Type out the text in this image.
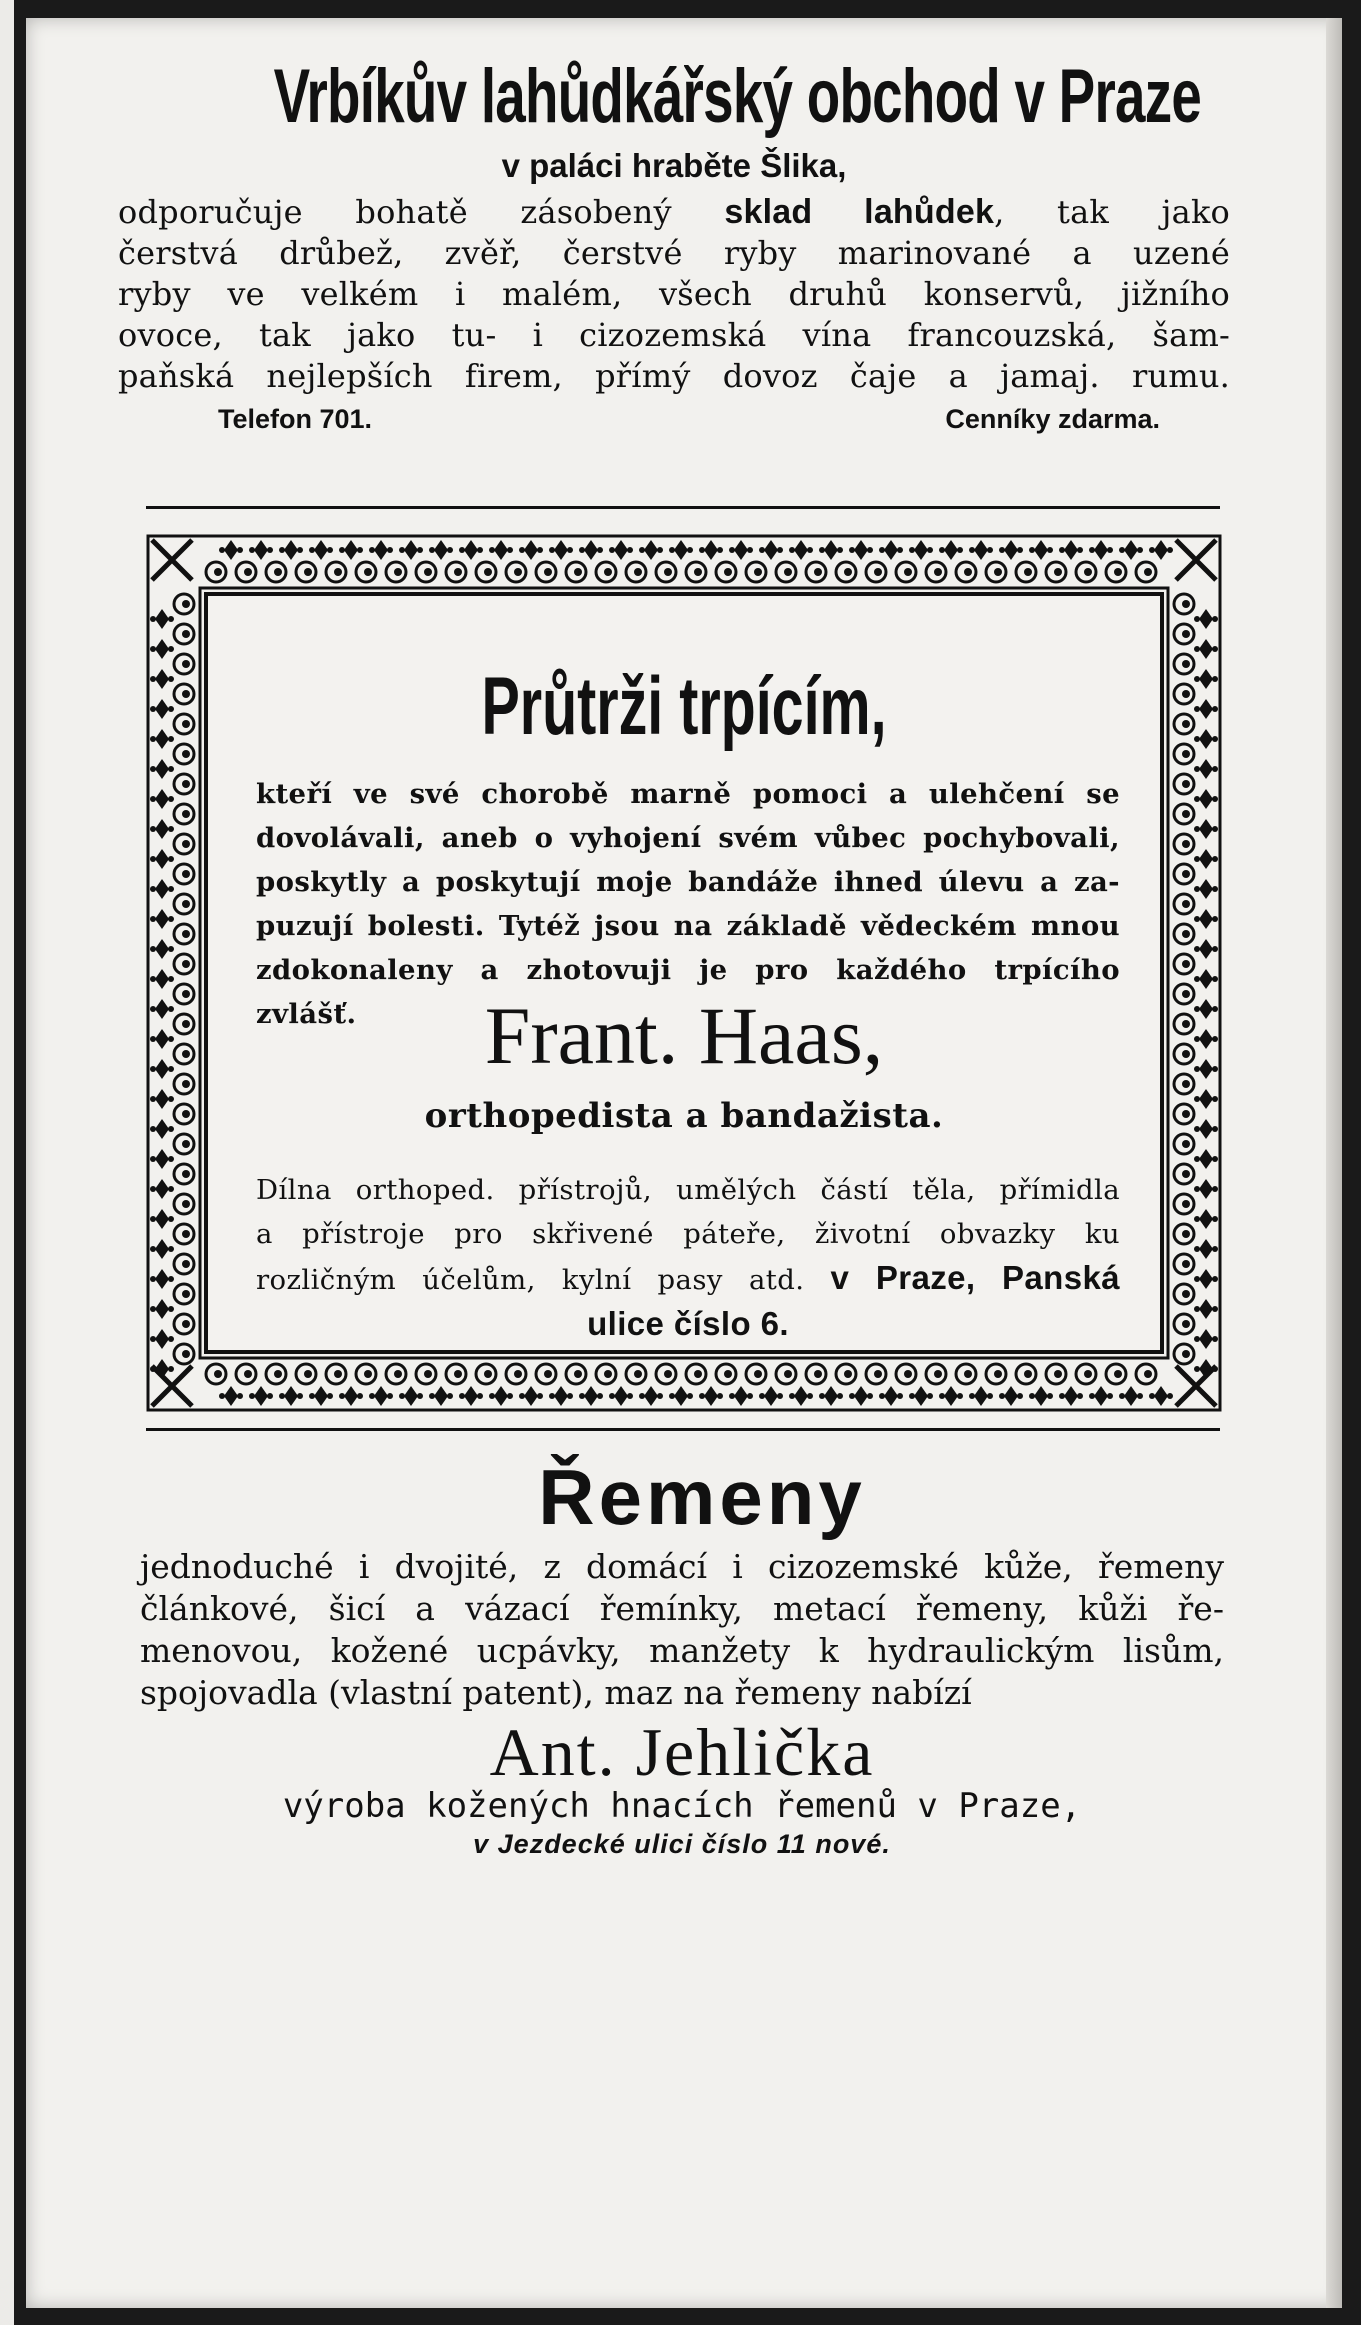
Vrbíkův lahůdkářský obchod v Praze
v paláci hraběte Šlika,
odporučuje bohatě zásobený sklad lahůdek, tak jako
čerstvá drůbež, zvěř, čerstvé ryby marinované a uzené
ryby ve velkém i malém, všech druhů konservů, jižního
ovoce, tak jako tu- i cizozemská vína francouzská, šam-
paňská nejlepších firem, přímý dovoz čaje a jamaj. rumu.
Telefon 701.	Cenníky zdarma.
Průtrži trpícím,
kteří ve své chorobě marně pomoci a ulehčení se
dovolávali, aneb o vyhojení svém vůbec pochybovali,
poskytly a poskytují moje bandáže ihned úlevu a za-
puzují bolesti. Tytéž jsou na základě vědeckém mnou
zdokonaleny a zhotovuji je pro každého trpícího zvlášť.	Frant. Haas,
orthopedista a bandažista.
Dílna orthoped. přístrojů, umělých částí těla, přímidla
a přístroje pro skřivené páteře, životní obvazky ku
rozličným účelům, kylní pasy atd. v Praze, Panská
ulice číslo 6.
Řemeny
jednoduché i dvojité, z domácí i cizozemské kůže, řemeny
článkové, šicí a vázací řemínky, metací řemeny, kůži ře-
menovou, kožené ucpávky, manžety k hydraulickým lisům,
spojovadla (vlastní patent), maz na řemeny nabízí
Ant. Jehlička
výroba kožených hnacích řemenů v Praze,
v Jezdecké ulici číslo 11 nové.
